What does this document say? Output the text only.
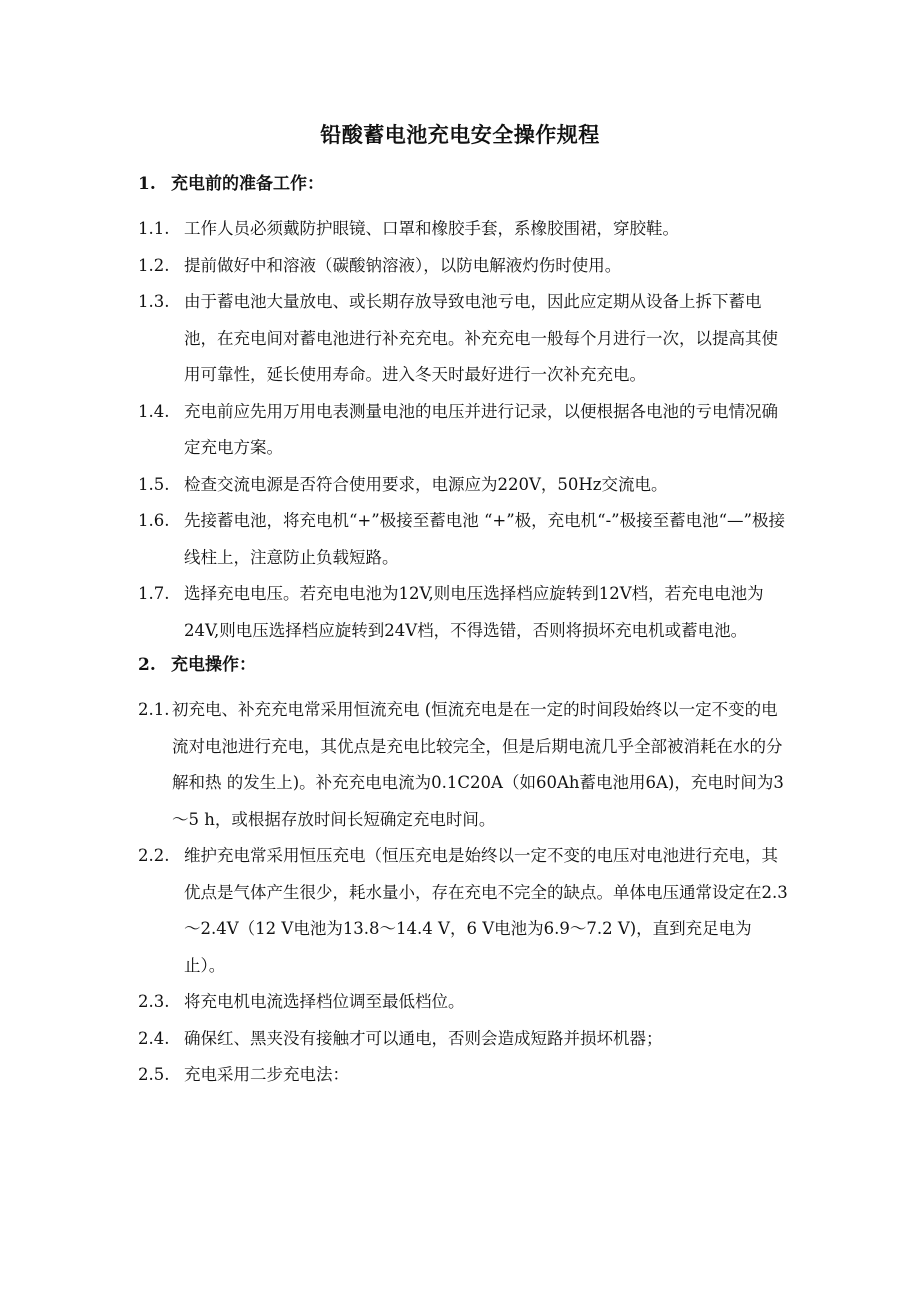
铅酸蓄电池充电安全操作规程
1. 充电前的准备工作：
1.1. 工作人员必须戴防护眼镜、口罩和橡胶手套，系橡胶围裙，穿胶鞋。
1.2. 提前做好中和溶液（碳酸钠溶液），以防电解液灼伤时使用。
1.3. 由于蓄电池大量放电、或长期存放导致电池亏电，因此应定期从设备上拆下蓄电池，在充电间对蓄电池进行补充充电。补充充电一般每个月进行一次，以提高其使用可靠性，延长使用寿命。进入冬天时最好进行一次补充充电。
1.4. 充电前应先用万用电表测量电池的电压并进行记录，以便根据各电池的亏电情况确定充电方案。
1.5. 检查交流电源是否符合使用要求，电源应为220V，50Hz交流电。
1.6. 先接蓄电池，将充电机“+”极接至蓄电池 “+”极，充电机“-”极接至蓄电池“—”极接线柱上，注意防止负载短路。
1.7. 选择充电电压。若充电电池为12V,则电压选择档应旋转到12V档，若充电电池为24V,则电压选择档应旋转到24V档，不得选错，否则将损坏充电机或蓄电池。
2. 充电操作：
2.1. 初充电、补充充电常采用恒流充电 (恒流充电是在一定的时间段始终以一定不变的电流对电池进行充电，其优点是充电比较完全，但是后期电流几乎全部被消耗在水的分解和热 的发生上)。补充充电电流为0.1C20A（如60Ah蓄电池用6A)，充电时间为3～5 h，或根据存放时间长短确定充电时间。
2.2. 维护充电常采用恒压充电（恒压充电是始终以一定不变的电压对电池进行充电，其优点是气体产生很少，耗水量小，存在充电不完全的缺点。单体电压通常设定在2.3～2.4V（12 V电池为13.8～14.4 V，6 V电池为6.9～7.2 V)，直到充足电为止）。
2.3. 将充电机电流选择档位调至最低档位。
2.4. 确保红、黑夹没有接触才可以通电，否则会造成短路并损坏机器；
2.5. 充电采用二步充电法：
